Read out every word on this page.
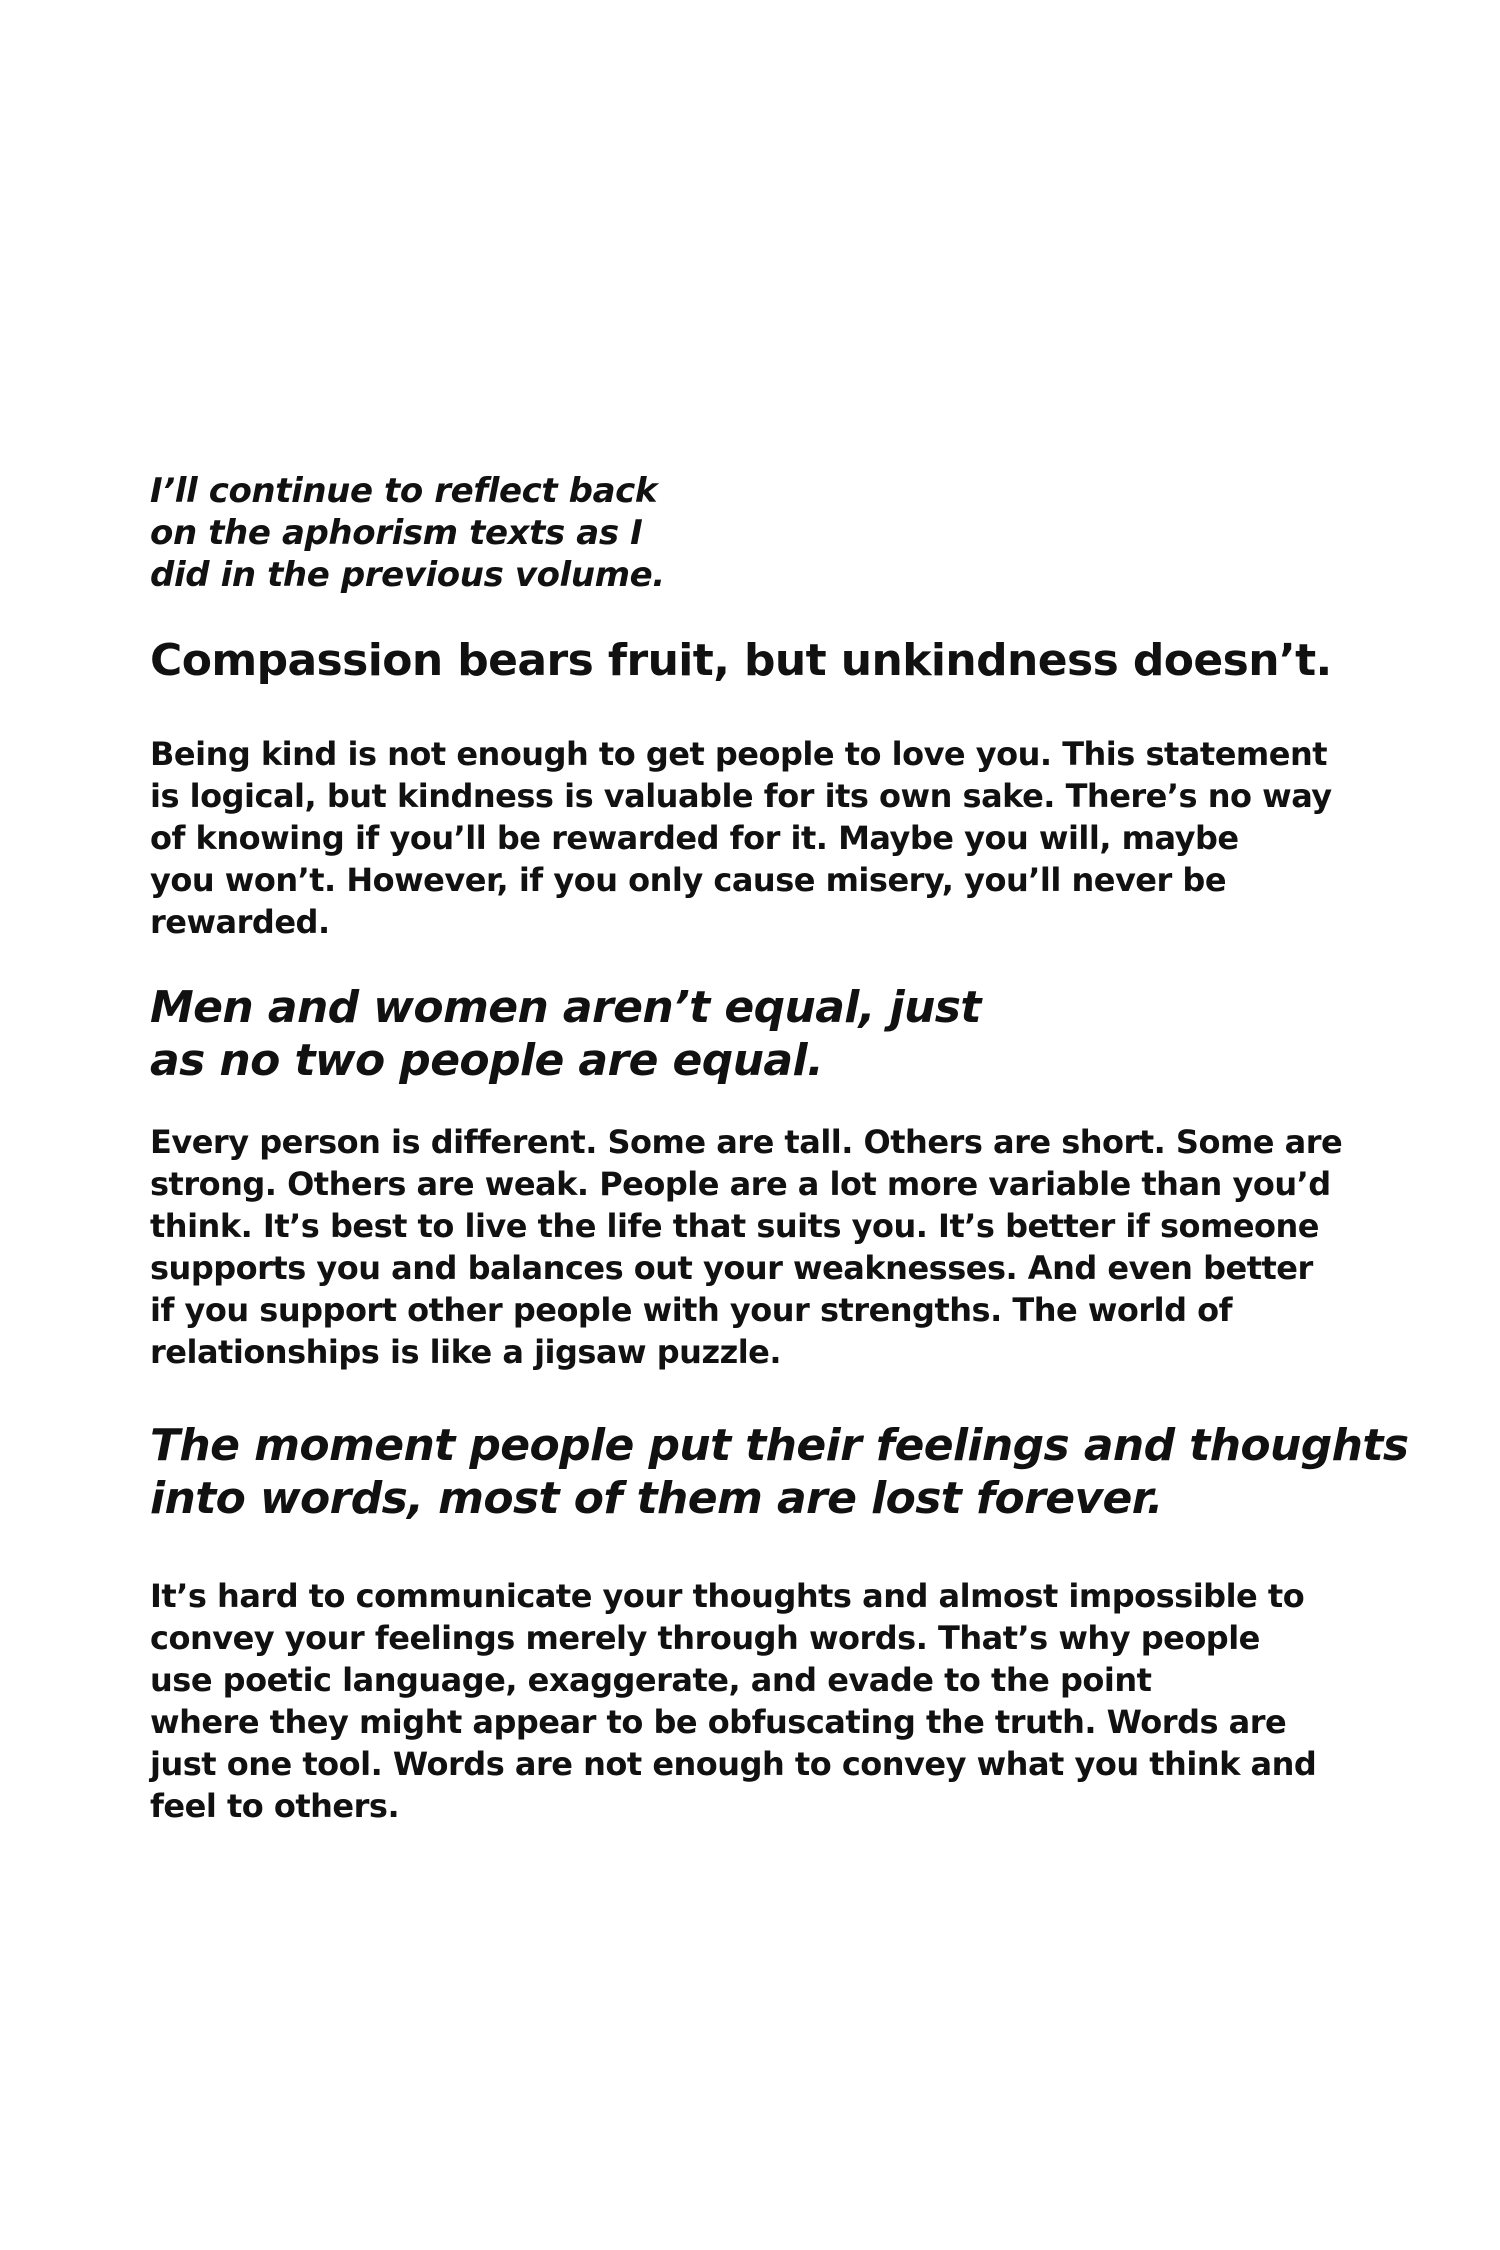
I’ll continue to reflect back
on the aphorism texts as I
did in the previous volume.
Compassion bears fruit, but unkindness doesn’t.
Being kind is not enough to get people to love you. This statement
is logical, but kindness is valuable for its own sake. There’s no way
of knowing if you’ll be rewarded for it. Maybe you will, maybe
you won’t. However, if you only cause misery, you’ll never be
rewarded.
Men and women aren’t equal, just
as no two people are equal.
Every person is different. Some are tall. Others are short. Some are
strong. Others are weak. People are a lot more variable than you’d
think. It’s best to live the life that suits you. It’s better if someone
supports you and balances out your weaknesses. And even better
if you support other people with your strengths. The world of
relationships is like a jigsaw puzzle.
The moment people put their feelings and thoughts
into words, most of them are lost forever.
It’s hard to communicate your thoughts and almost impossible to
convey your feelings merely through words. That’s why people
use poetic language, exaggerate, and evade to the point
where they might appear to be obfuscating the truth. Words are
just one tool. Words are not enough to convey what you think and
feel to others.
